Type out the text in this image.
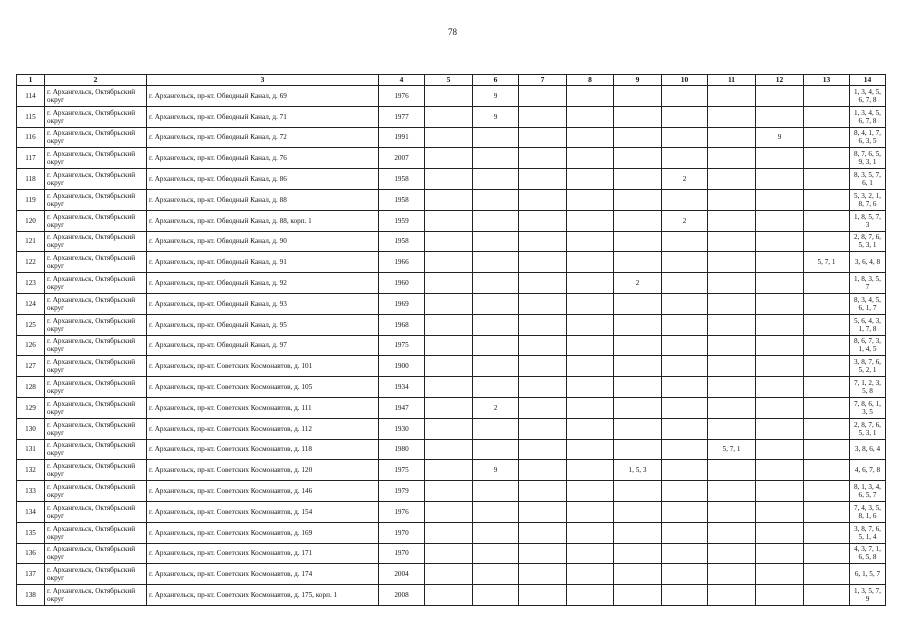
78
1	2	3	4	5	6	7	8	9	10	11	12	13	14
114	г. Архангельск, Октябрьский округ	г. Архангельск, пр-кт. Обводный Канал, д. 69	1976		9								1, 3, 4, 5, 6, 7, 8
115	г. Архангельск, Октябрьский округ	г. Архангельск, пр-кт. Обводный Канал, д. 71	1977		9								1, 3, 4, 5, 6, 7, 8
116	г. Архангельск, Октябрьский округ	г. Архангельск, пр-кт. Обводный Канал, д. 72	1991								9		8, 4, 1, 7, 6, 3, 5
117	г. Архангельск, Октябрьский округ	г. Архангельск, пр-кт. Обводный Канал, д. 76	2007										8, 7, 6, 5, 9, 3, 1
118	г. Архангельск, Октябрьский округ	г. Архангельск, пр-кт. Обводный Канал, д. 86	1958						2				8, 3, 5, 7, 6, 1
119	г. Архангельск, Октябрьский округ	г. Архангельск, пр-кт. Обводный Канал, д. 88	1958										5, 3, 2, 1, 8, 7, 6
120	г. Архангельск, Октябрьский округ	г. Архангельск, пр-кт. Обводный Канал, д. 88, корп. 1	1959						2				1, 8, 5, 7, 3
121	г. Архангельск, Октябрьский округ	г. Архангельск, пр-кт. Обводный Канал, д. 90	1958										2, 8, 7, 6, 5, 3, 1
122	г. Архангельск, Октябрьский округ	г. Архангельск, пр-кт. Обводный Канал, д. 91	1966									5, 7, 1	3, 6, 4, 8
123	г. Архангельск, Октябрьский округ	г. Архангельск, пр-кт. Обводный Канал, д. 92	1960					2					1, 8, 3, 5, 7
124	г. Архангельск, Октябрьский округ	г. Архангельск, пр-кт. Обводный Канал, д. 93	1969										8, 3, 4, 5, 6, 1, 7
125	г. Архангельск, Октябрьский округ	г. Архангельск, пр-кт. Обводный Канал, д. 95	1968										5, 6, 4, 3, 1, 7, 8
126	г. Архангельск, Октябрьский округ	г. Архангельск, пр-кт. Обводный Канал, д. 97	1975										8, 6, 7, 3, 1, 4, 5
127	г. Архангельск, Октябрьский округ	г. Архангельск, пр-кт. Советских Космонавтов, д. 101	1900										3, 8, 7, 6, 5, 2, 1
128	г. Архангельск, Октябрьский округ	г. Архангельск, пр-кт. Советских Космонавтов, д. 105	1934										7, 1, 2, 3, 5, 8
129	г. Архангельск, Октябрьский округ	г. Архангельск, пр-кт. Советских Космонавтов, д. 111	1947		2								7, 8, 6, 1, 3, 5
130	г. Архангельск, Октябрьский округ	г. Архангельск, пр-кт. Советских Космонавтов, д. 112	1930										2, 8, 7, 6, 5, 3, 1
131	г. Архангельск, Октябрьский округ	г. Архангельск, пр-кт. Советских Космонавтов, д. 118	1980							5, 7, 1			3, 8, 6, 4
132	г. Архангельск, Октябрьский округ	г. Архангельск, пр-кт. Советских Космонавтов, д. 120	1975		9			1, 5, 3					4, 6, 7, 8
133	г. Архангельск, Октябрьский округ	г. Архангельск, пр-кт. Советских Космонавтов, д. 146	1979										8, 1, 3, 4, 6, 5, 7
134	г. Архангельск, Октябрьский округ	г. Архангельск, пр-кт. Советских Космонавтов, д. 154	1976										7, 4, 3, 5, 8, 1, 6
135	г. Архангельск, Октябрьский округ	г. Архангельск, пр-кт. Советских Космонавтов, д. 169	1970										3, 8, 7, 6, 5, 1, 4
136	г. Архангельск, Октябрьский округ	г. Архангельск, пр-кт. Советских Космонавтов, д. 171	1970										4, 3, 7, 1, 6, 5, 8
137	г. Архангельск, Октябрьский округ	г. Архангельск, пр-кт. Советских Космонавтов, д. 174	2004										6, 1, 5, 7
138	г. Архангельск, Октябрьский округ	г. Архангельск, пр-кт. Советских Космонавтов, д. 175, корп. 1	2008										1, 3, 5, 7, 9
